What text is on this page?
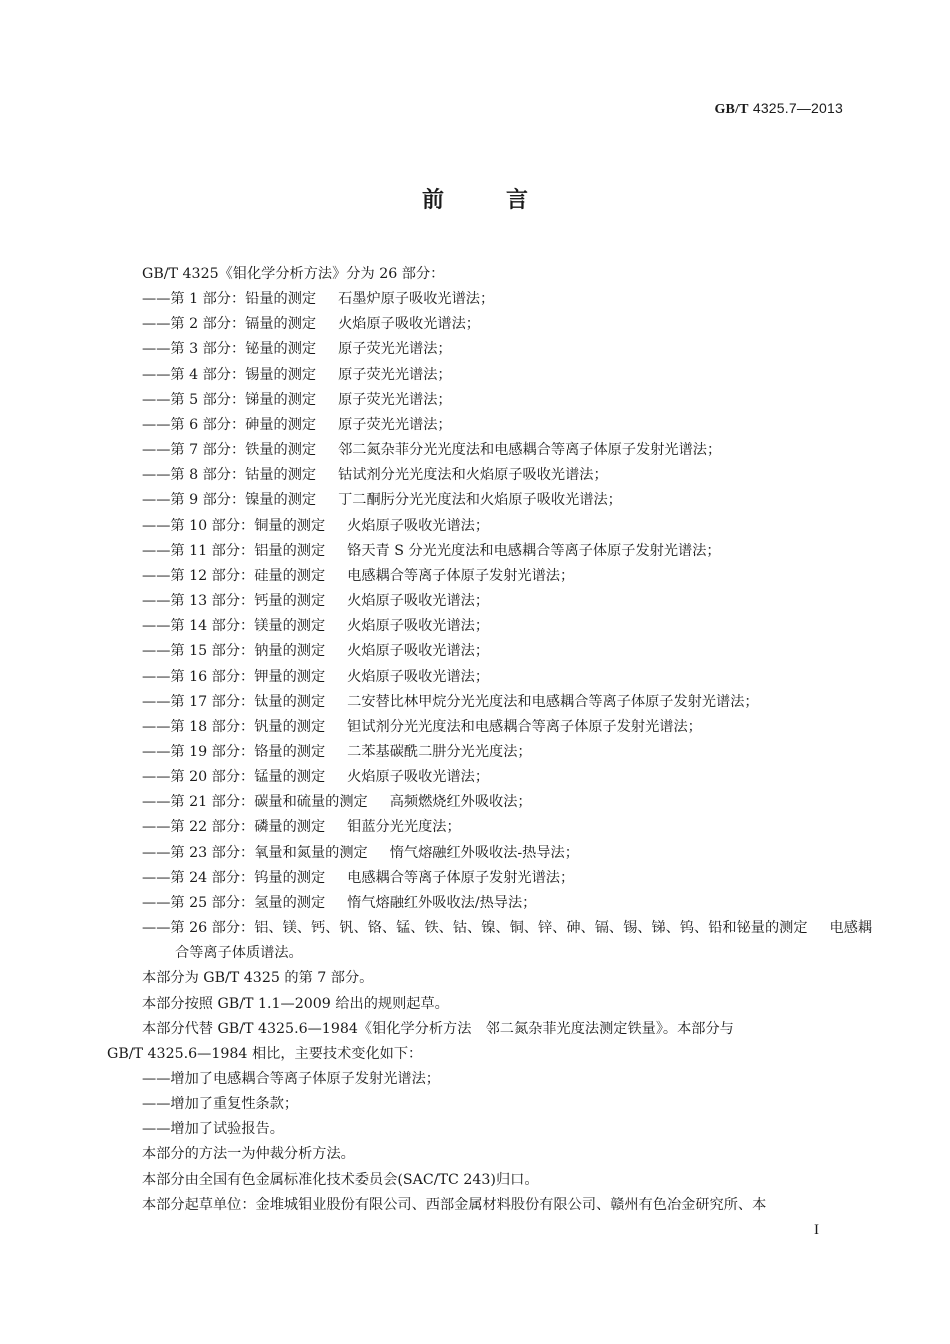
GB/T 4325.7—2013
前言
GB/T 4325《钼化学分析方法》分为 26 部分：
——第 1 部分：铅量的测定 石墨炉原子吸收光谱法；
——第 2 部分：镉量的测定 火焰原子吸收光谱法；
——第 3 部分：铋量的测定 原子荧光光谱法；
——第 4 部分：锡量的测定 原子荧光光谱法；
——第 5 部分：锑量的测定 原子荧光光谱法；
——第 6 部分：砷量的测定 原子荧光光谱法；
——第 7 部分：铁量的测定 邻二氮杂菲分光光度法和电感耦合等离子体原子发射光谱法；
——第 8 部分：钴量的测定 钴试剂分光光度法和火焰原子吸收光谱法；
——第 9 部分：镍量的测定 丁二酮肟分光光度法和火焰原子吸收光谱法；
——第 10 部分：铜量的测定 火焰原子吸收光谱法；
——第 11 部分：铝量的测定 铬天青 S 分光光度法和电感耦合等离子体原子发射光谱法；
——第 12 部分：硅量的测定 电感耦合等离子体原子发射光谱法；
——第 13 部分：钙量的测定 火焰原子吸收光谱法；
——第 14 部分：镁量的测定 火焰原子吸收光谱法；
——第 15 部分：钠量的测定 火焰原子吸收光谱法；
——第 16 部分：钾量的测定 火焰原子吸收光谱法；
——第 17 部分：钛量的测定 二安替比林甲烷分光光度法和电感耦合等离子体原子发射光谱法；
——第 18 部分：钒量的测定 钽试剂分光光度法和电感耦合等离子体原子发射光谱法；
——第 19 部分：铬量的测定 二苯基碳酰二肼分光光度法；
——第 20 部分：锰量的测定 火焰原子吸收光谱法；
——第 21 部分：碳量和硫量的测定 高频燃烧红外吸收法；
——第 22 部分：磷量的测定 钼蓝分光光度法；
——第 23 部分：氧量和氮量的测定 惰气熔融红外吸收法-热导法；
——第 24 部分：钨量的测定 电感耦合等离子体原子发射光谱法；
——第 25 部分：氢量的测定 惰气熔融红外吸收法/热导法；
——第 26 部分：铝、镁、钙、钒、铬、锰、铁、钴、镍、铜、锌、砷、镉、锡、锑、钨、铅和铋量的测定 电感耦
合等离子体质谱法。
本部分为 GB/T 4325 的第 7 部分。
本部分按照 GB/T 1.1—2009 给出的规则起草。
本部分代替 GB/T 4325.6—1984《钼化学分析方法　邻二氮杂菲光度法测定铁量》。本部分与
GB/T 4325.6—1984 相比，主要技术变化如下：
——增加了电感耦合等离子体原子发射光谱法；
——增加了重复性条款；
——增加了试验报告。
本部分的方法一为仲裁分析方法。
本部分由全国有色金属标准化技术委员会(SAC/TC 243)归口。
本部分起草单位：金堆城钼业股份有限公司、西部金属材料股份有限公司、赣州有色冶金研究所、本
I
